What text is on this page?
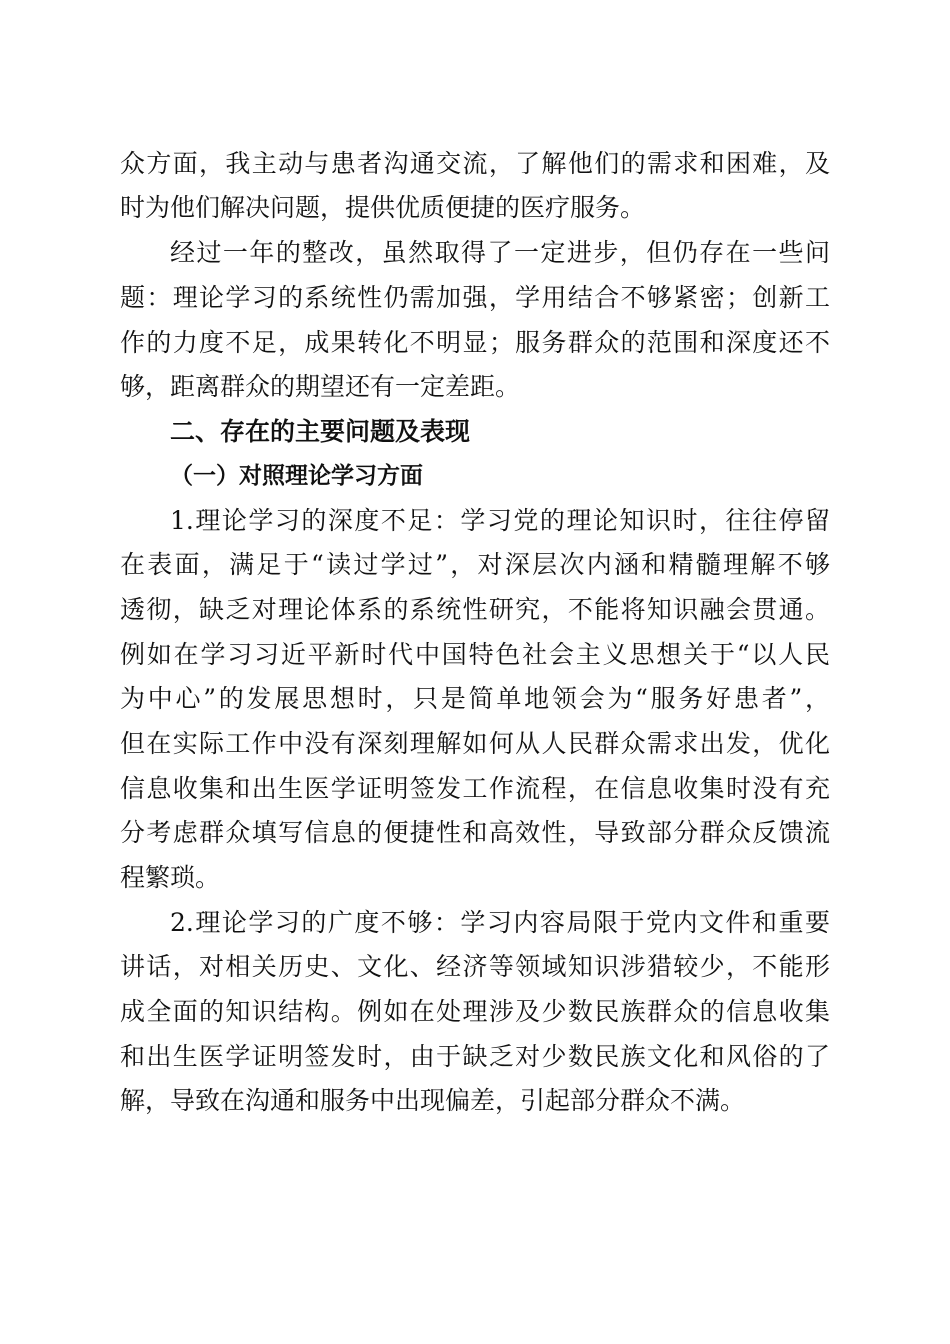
众方面，我主动与患者沟通交流，了解他们的需求和困难，及
时为他们解决问题，提供优质便捷的医疗服务。
经过一年的整改，虽然取得了一定进步，但仍存在一些问
题：理论学习的系统性仍需加强，学用结合不够紧密；创新工
作的力度不足，成果转化不明显；服务群众的范围和深度还不
够，距离群众的期望还有一定差距。
二、存在的主要问题及表现
（一）对照理论学习方面
1.理论学习的深度不足：学习党的理论知识时，往往停留
在表面，满足于“读过学过”，对深层次内涵和精髓理解不够
透彻，缺乏对理论体系的系统性研究，不能将知识融会贯通。
例如在学习习近平新时代中国特色社会主义思想关于“以人民
为中心”的发展思想时，只是简单地领会为“服务好患者”，
但在实际工作中没有深刻理解如何从人民群众需求出发，优化
信息收集和出生医学证明签发工作流程，在信息收集时没有充
分考虑群众填写信息的便捷性和高效性，导致部分群众反馈流
程繁琐。
2.理论学习的广度不够：学习内容局限于党内文件和重要
讲话，对相关历史、文化、经济等领域知识涉猎较少，不能形
成全面的知识结构。例如在处理涉及少数民族群众的信息收集
和出生医学证明签发时，由于缺乏对少数民族文化和风俗的了
解，导致在沟通和服务中出现偏差，引起部分群众不满。
